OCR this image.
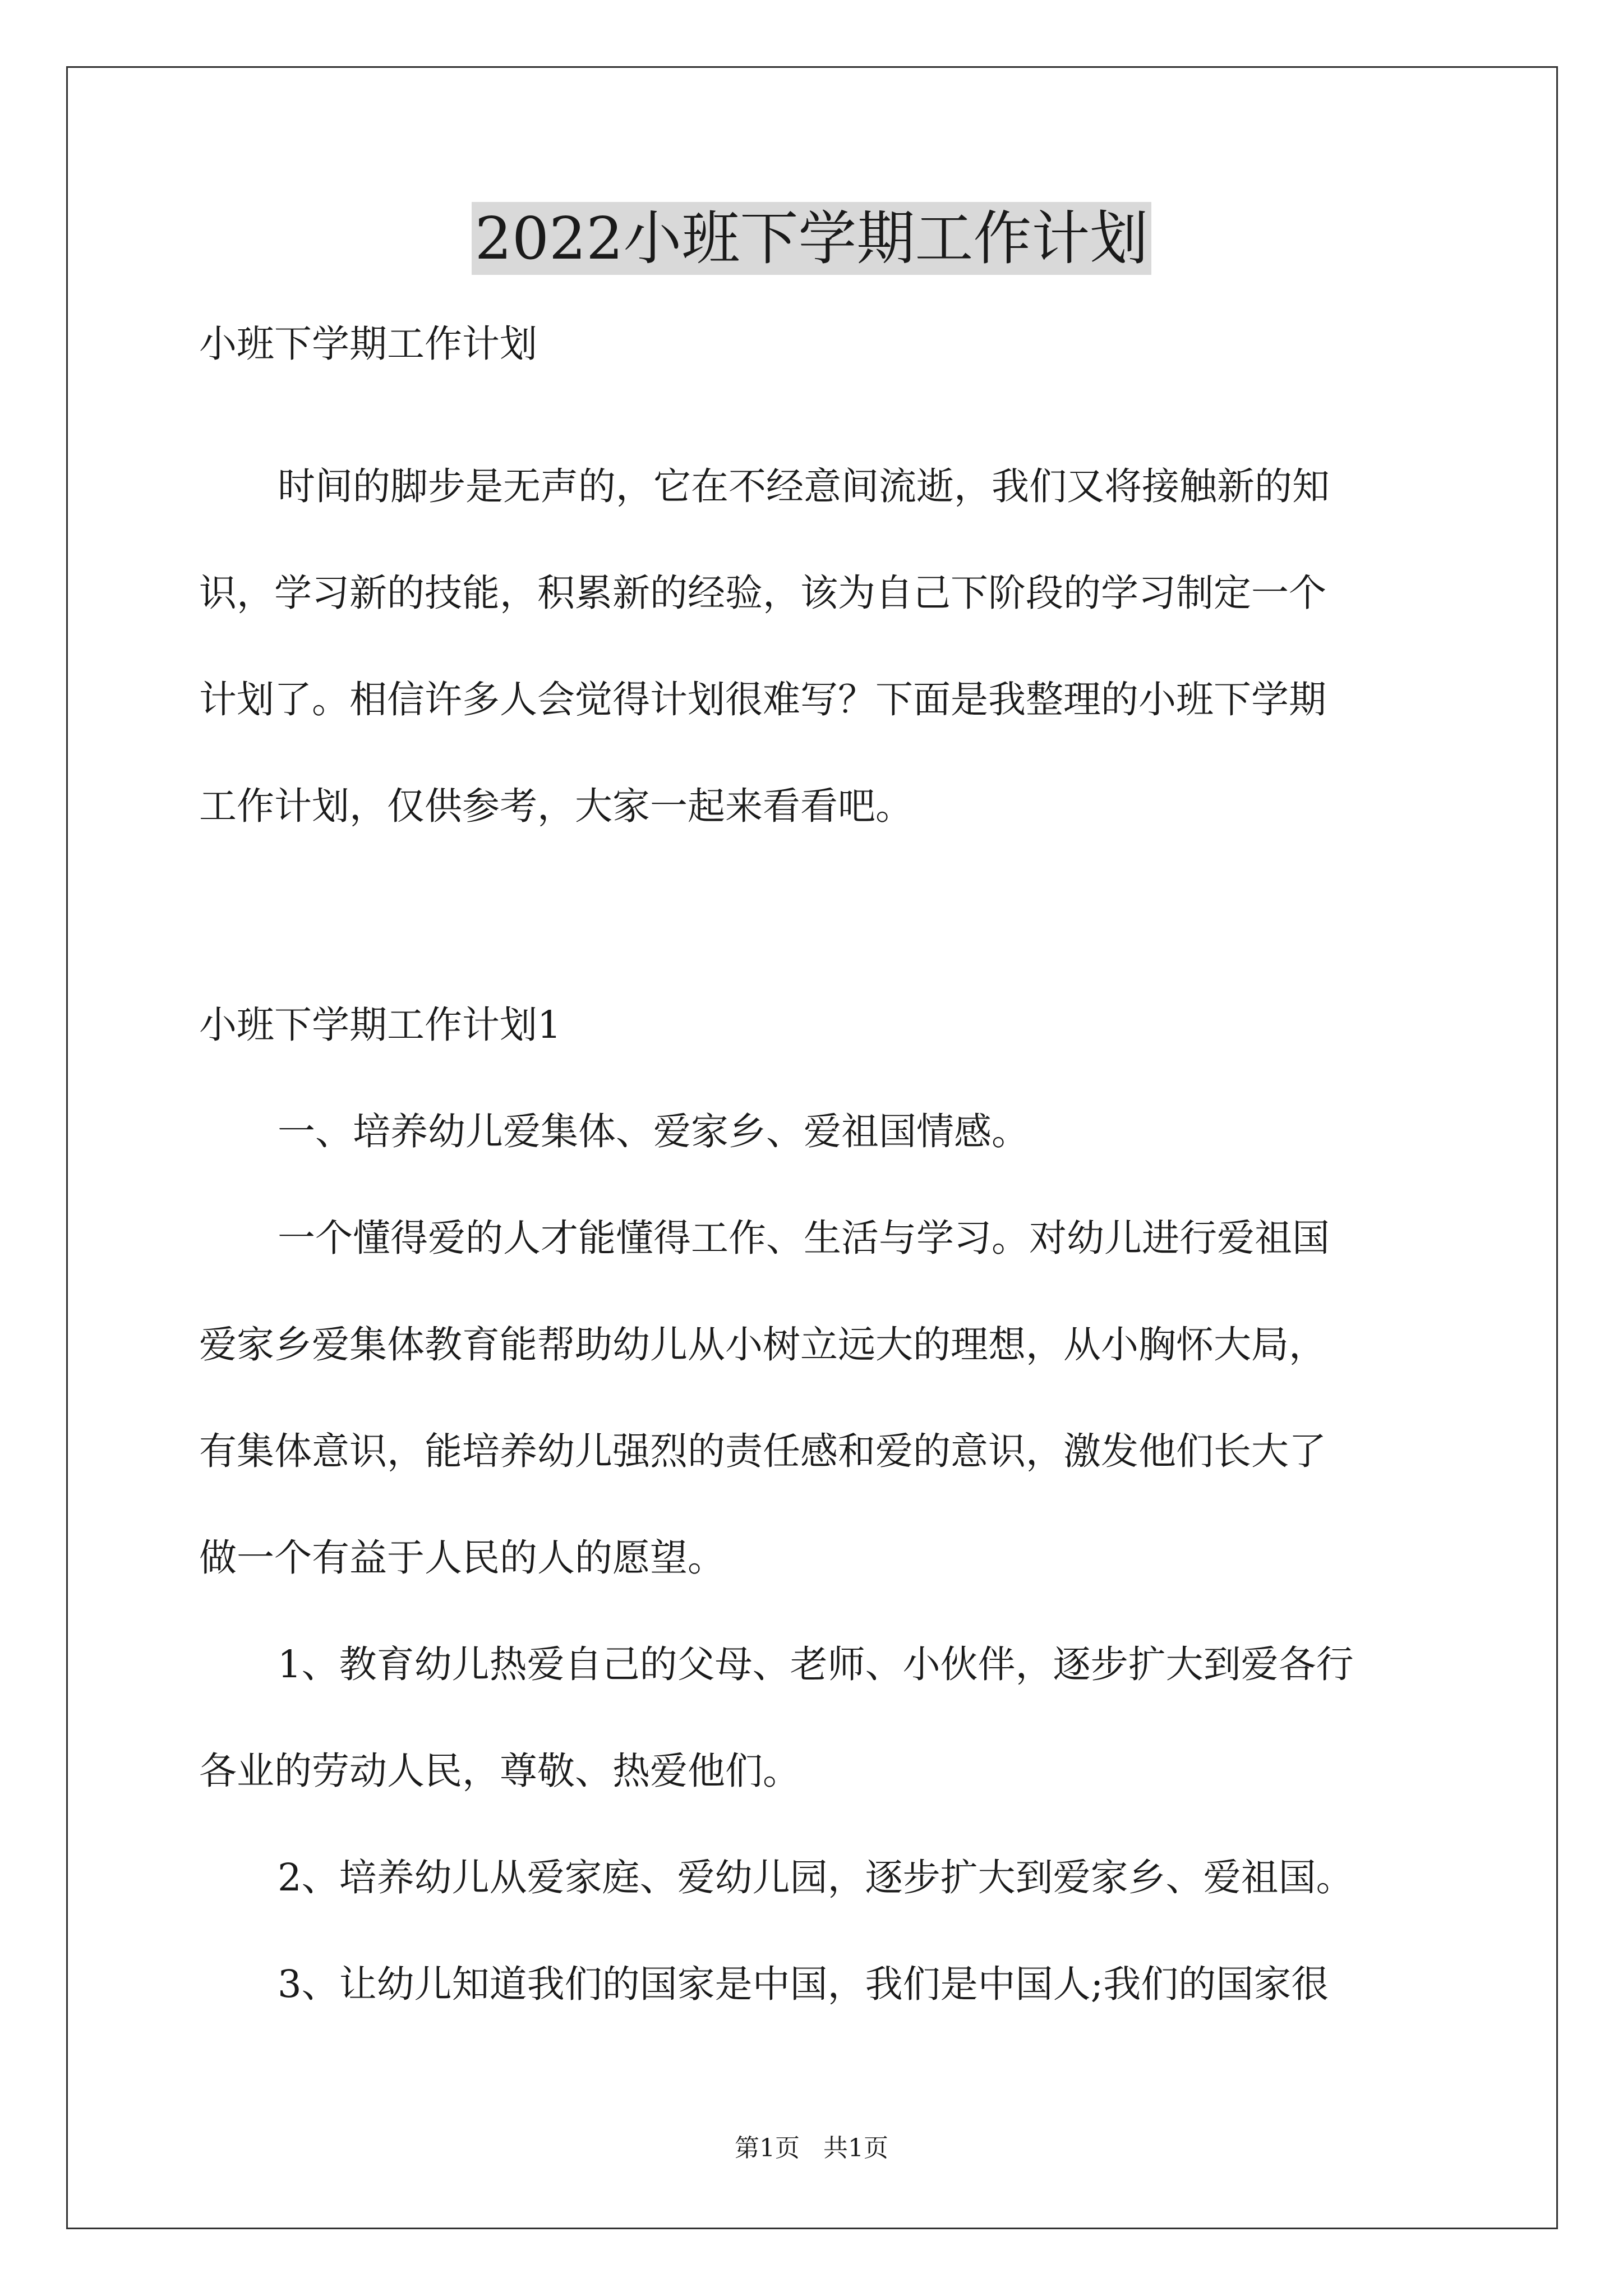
2022小班下学期工作计划
小班下学期工作计划
时间的脚步是无声的，它在不经意间流逝，我们又将接触新的知
识，学习新的技能，积累新的经验，该为自己下阶段的学习制定一个
计划了。相信许多人会觉得计划很难写？下面是我整理的小班下学期
工作计划，仅供参考，大家一起来看看吧。
小班下学期工作计划1
一、培养幼儿爱集体、爱家乡、爱祖国情感。
一个懂得爱的人才能懂得工作、生活与学习。对幼儿进行爱祖国
爱家乡爱集体教育能帮助幼儿从小树立远大的理想，从小胸怀大局，
有集体意识，能培养幼儿强烈的责任感和爱的意识，激发他们长大了
做一个有益于人民的人的愿望。
1、教育幼儿热爱自己的父母、老师、小伙伴，逐步扩大到爱各行
各业的劳动人民，尊敬、热爱他们。
2、培养幼儿从爱家庭、爱幼儿园，逐步扩大到爱家乡、爱祖国。
3、让幼儿知道我们的国家是中国，我们是中国人;我们的国家很
第1页   共1页
